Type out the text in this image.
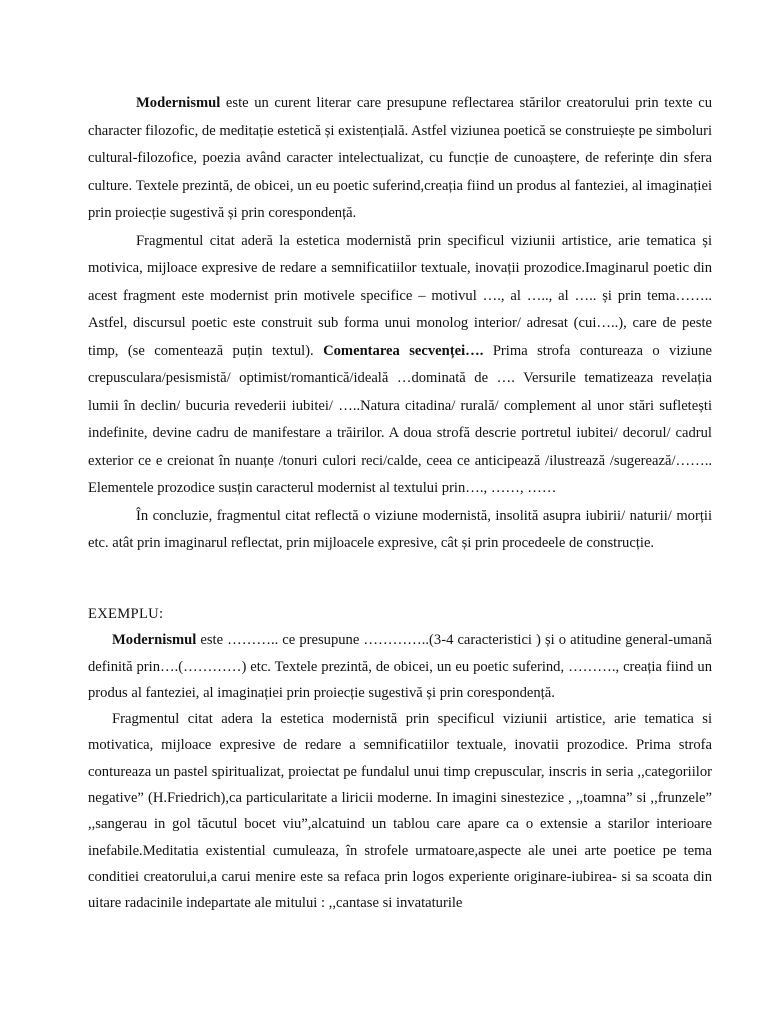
Modernismul este un curent literar care presupune reflectarea stărilor creatorului prin texte cu character filozofic, de meditație estetică și existențială. Astfel viziunea poetică se construiește pe simboluri cultural-filozofice, poezia având caracter intelectualizat, cu funcție de cunoaștere, de referințe din sfera culture. Textele prezintă, de obicei, un eu poetic suferind,creația fiind un produs al fanteziei, al imaginației prin proiecție sugestivă și prin corespondență.

Fragmentul citat aderă la estetica modernistă prin specificul viziunii artistice, arie tematica și motivica, mijloace expresive de redare a semnificatiilor textuale, inovații prozodice.Imaginarul poetic din acest fragment este modernist prin motivele specifice – motivul …., al ….., al ….. și prin tema…….. Astfel, discursul poetic este construit sub forma unui monolog interior/ adresat (cui…..), care de peste timp, (se comentează puțin textul). Comentarea secvenței…. Prima strofa contureaza o viziune crepusculara/pesismistă/ optimist/romantică/ideală …dominată de …. Versurile tematizeaza revelația lumii în declin/ bucuria revederii iubitei/ …..Natura citadina/ rurală/ complement al unor stări sufletești indefinite, devine cadru de manifestare a trăirilor. A doua strofă descrie portretul iubitei/ decorul/ cadrul exterior ce e creionat în nuanțe /tonuri culori reci/calde, ceea ce anticipează /ilustrează /sugerează/…….. Elementele prozodice susțin caracterul modernist al textului prin…., ……, ……

În concluzie, fragmentul citat reflectă o viziune modernistă, insolită asupra iubirii/ naturii/ morții etc. atât prin imaginarul reflectat, prin mijloacele expresive, cât și prin procedeele de construcție.

EXEMPLU:

Modernismul este ……….. ce presupune …………..(3-4 caracteristici ) și o atitudine general-umană definită prin….(…………) etc. Textele prezintă, de obicei, un eu poetic suferind, ………., creația fiind un produs al fanteziei, al imaginației prin proiecție sugestivă și prin corespondență.

Fragmentul citat adera la estetica modernistă prin specificul viziunii artistice, arie tematica si motivatica, mijloace expresive de redare a semnificatiilor textuale, inovatii prozodice. Prima strofa contureaza un pastel spiritualizat, proiectat pe fundalul unui timp crepuscular, inscris in seria ,,categoriilor negative” (H.Friedrich),ca particularitate a liricii moderne. In imagini sinestezice , ,,toamna” si ,,frunzele” ,,sangerau in gol tăcutul bocet viu”,alcatuind un tablou care apare ca o extensie a starilor interioare inefabile.Meditatia existential cumuleaza, în strofele urmatoare,aspecte ale unei arte poetice pe tema conditiei creatorului,a carui menire este sa refaca prin logos experiente originare-iubirea- si sa scoata din uitare radacinile indepartate ale mitului : ,,cantase si invataturile
